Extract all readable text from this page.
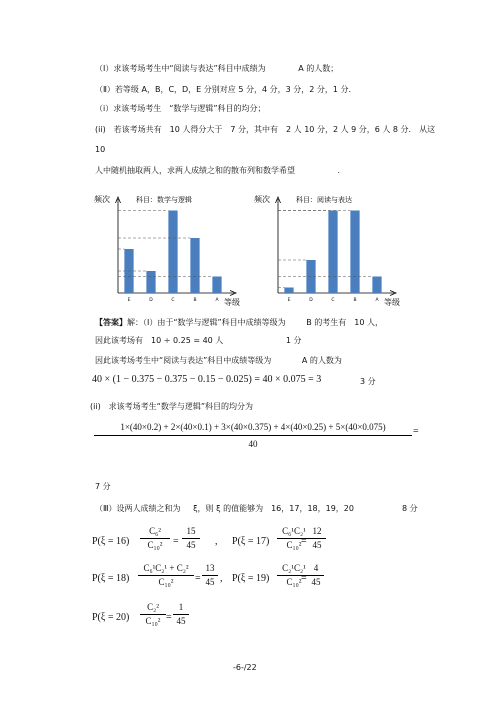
（Ⅰ）求该考场考生中“阅读与表达”科目中成绩为	A 的人数；
（Ⅱ）若等级 A，B，C，D，E 分别对应 5 分，4 分，3 分，2 分，1 分.
（ⅰ）求该考场考生　“数学与逻辑”科目的均分；
(ii)　若该考场共有　10 人得分大于　7 分，其中有　2 人 10 分，2 人 9 分，6 人 8 分.　从这
10
人中随机抽取两人，求两人成绩之和的散布列和数学希望	.
频次	科目：数学与逻辑
等级
E	D	C	B	A
频次	科目：阅读与表达
等级
E	D	C	B	A
【答案】解：（Ⅰ）由于“数学与逻辑”科目中成绩等级为	B 的考生有　10 人，
因此该考场有　10 ÷ 0.25 = 40 人	1 分
因此该考场考生中“阅读与表达”科目中成绩等级为	A 的人数为
40 × (1 − 0.375 − 0.375 − 0.15 − 0.025) = 40 × 0.075 = 3	3 分
(ii)　求该考场考生“数学与逻辑”科目的均分为
1×(40×0.2) + 2×(40×0.1) + 3×(40×0.375) + 4×(40×0.25) + 5×(40×0.075)
40
=
7 分
（Ⅲ）设两人成绩之和为 ξ，则 ξ 的值能够为　16，17，18，19，20	8 分
P(ξ = 16)
C₆²
C₁₀²	=
15
45	, P(ξ = 17)
C₆¹C₂¹
C₁₀² =
12
45
P(ξ = 18)
C₆¹C₂¹ + C₂²
C₁₀²	=
13
45 , P(ξ = 19)
C₂¹C₂¹
C₁₀² =
4
45
P(ξ = 20)
C₂²
C₁₀² =
1
45
-6-/22
